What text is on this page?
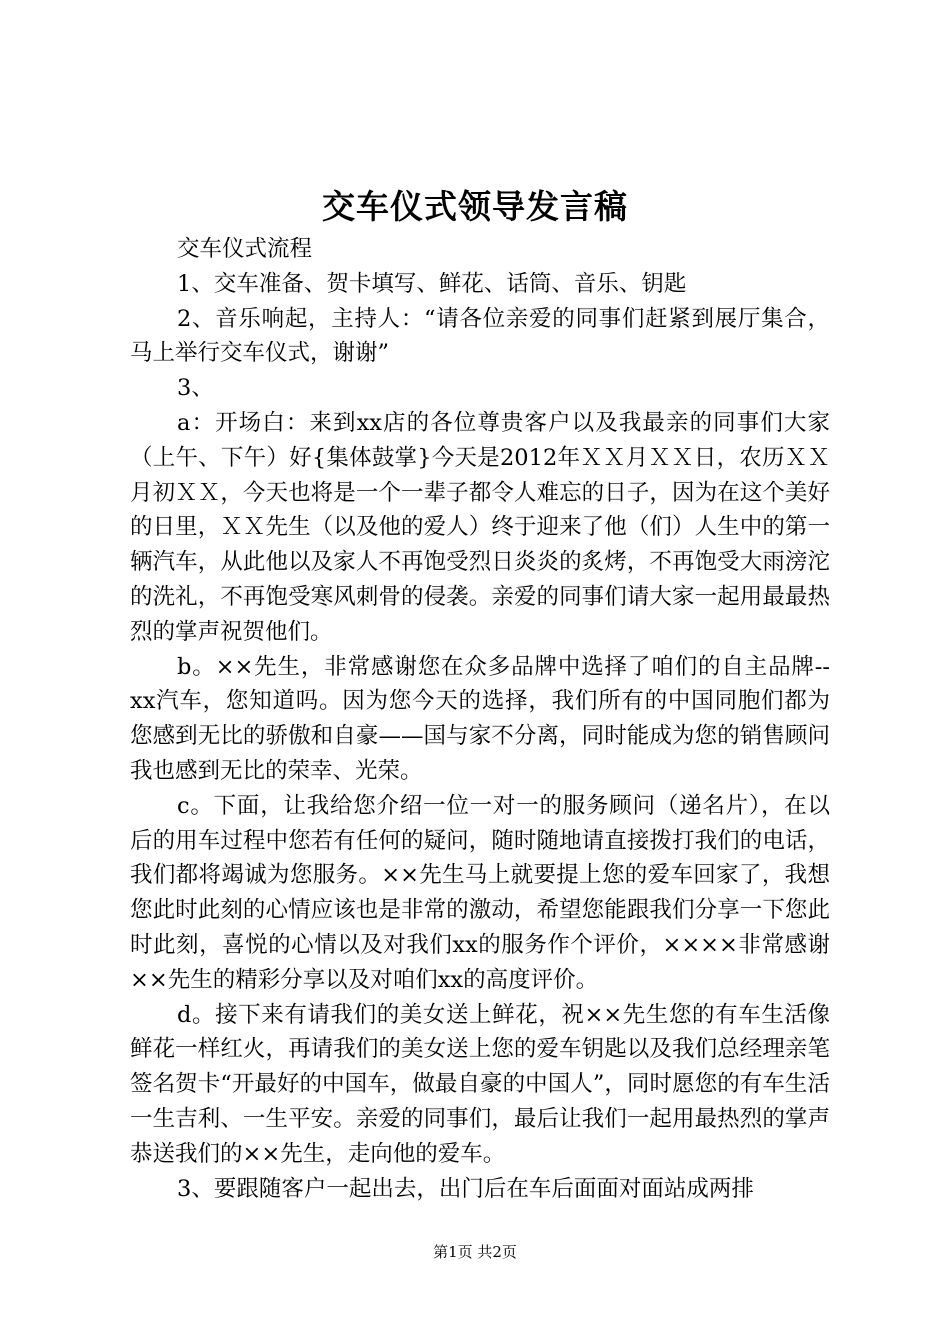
交车仪式领导发言稿

交车仪式流程

1、交车准备、贺卡填写、鲜花、话筒、音乐、钥匙

2、音乐响起，主持人：“请各位亲爱的同事们赶紧到展厅集合，马上举行交车仪式，谢谢”

3、

a：开场白：来到xx店的各位尊贵客户以及我最亲的同事们大家（上午、下午）好{集体鼓掌}今天是2012年ＸＸ月ＸＸ日，农历ＸＸ月初ＸＸ，今天也将是一个一辈子都令人难忘的日子，因为在这个美好的日里，ＸＸ先生（以及他的爱人）终于迎来了他（们）人生中的第一辆汽车，从此他以及家人不再饱受烈日炎炎的炙烤，不再饱受大雨滂沱的洗礼，不再饱受寒风刺骨的侵袭。亲爱的同事们请大家一起用最最热烈的掌声祝贺他们。

b。××先生，非常感谢您在众多品牌中选择了咱们的自主品牌--xx汽车，您知道吗。因为您今天的选择，我们所有的中国同胞们都为您感到无比的骄傲和自豪——国与家不分离，同时能成为您的销售顾问我也感到无比的荣幸、光荣。

c。下面，让我给您介绍一位一对一的服务顾问（递名片），在以后的用车过程中您若有任何的疑问，随时随地请直接拨打我们的电话，我们都将竭诚为您服务。××先生马上就要提上您的爱车回家了，我想您此时此刻的心情应该也是非常的激动，希望您能跟我们分享一下您此时此刻，喜悦的心情以及对我们xx的服务作个评价，××××非常感谢××先生的精彩分享以及对咱们xx的高度评价。

d。接下来有请我们的美女送上鲜花，祝××先生您的有车生活像鲜花一样红火，再请我们的美女送上您的爱车钥匙以及我们总经理亲笔签名贺卡“开最好的中国车，做最自豪的中国人”，同时愿您的有车生活一生吉利、一生平安。亲爱的同事们，最后让我们一起用最热烈的掌声恭送我们的××先生，走向他的爱车。

3、要跟随客户一起出去，出门后在车后面面对面站成两排

第1页 共2页
